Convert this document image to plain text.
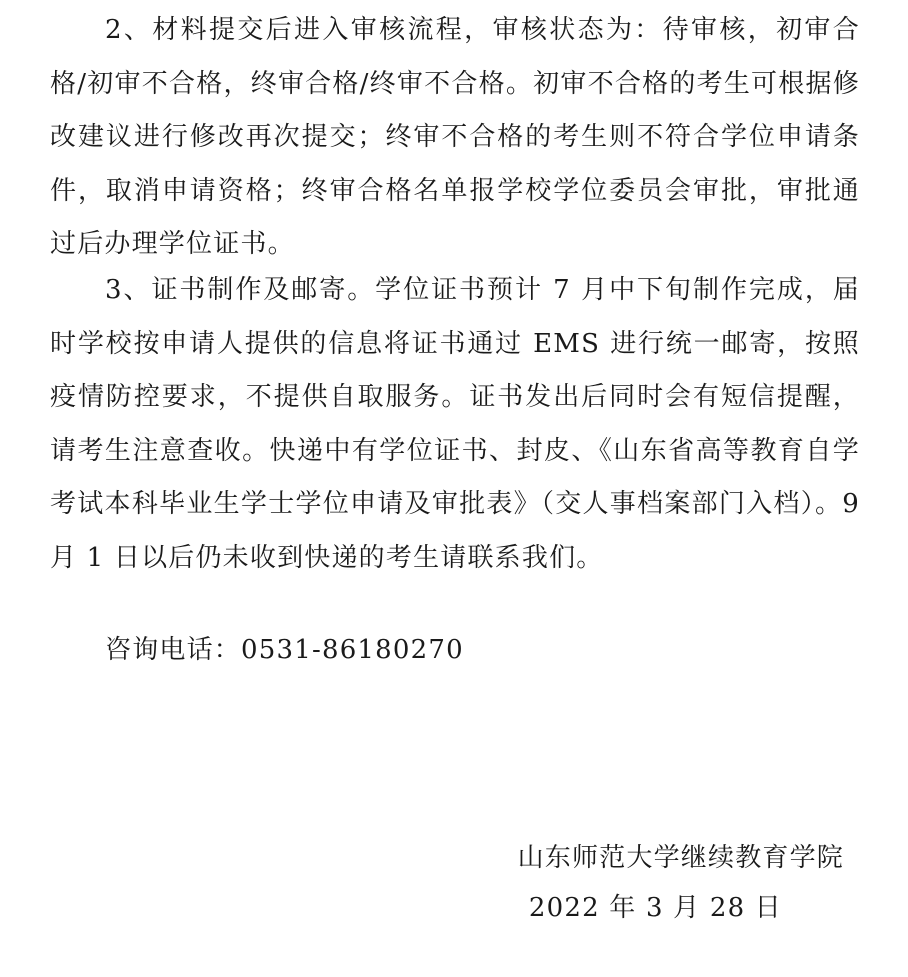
2、材料提交后进入审核流程，审核状态为：待审核，初审合格/初审不合格，终审合格/终审不合格。初审不合格的考生可根据修改建议进行修改再次提交；终审不合格的考生则不符合学位申请条件，取消申请资格；终审合格名单报学校学位委员会审批，审批通过后办理学位证书。

3、证书制作及邮寄。学位证书预计 7 月中下旬制作完成，届时学校按申请人提供的信息将证书通过 EMS 进行统一邮寄，按照疫情防控要求，不提供自取服务。证书发出后同时会有短信提醒，请考生注意查收。快递中有学位证书、封皮、《山东省高等教育自学考试本科毕业生学士学位申请及审批表》（交人事档案部门入档）。9 月 1 日以后仍未收到快递的考生请联系我们。

咨询电话：0531-86180270

山东师范大学继续教育学院

2022 年 3 月 28 日
